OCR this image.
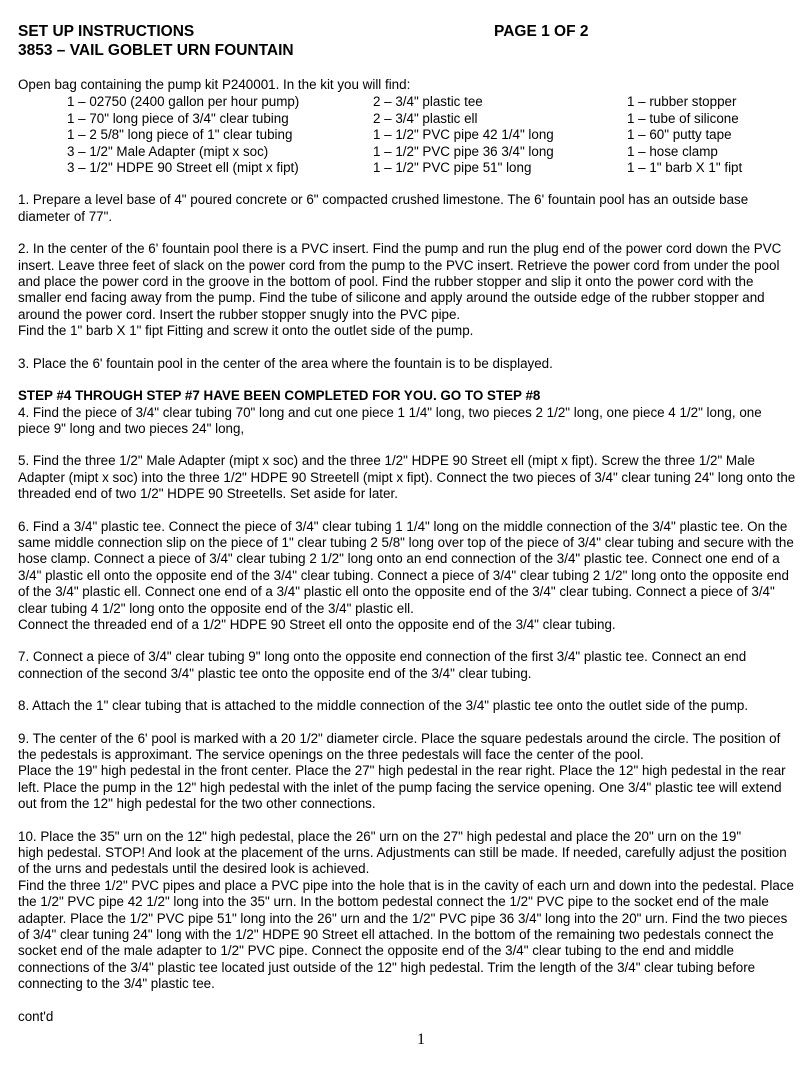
SET UP INSTRUCTIONS	PAGE 1 OF 2
3853 – VAIL GOBLET URN FOUNTAIN

Open bag containing the pump kit P240001. In the kit you will find:

1 – 02750 (2400 gallon per hour pump)	2 – 3/4" plastic tee	1 – rubber stopper
1 – 70" long piece of 3/4" clear tubing	2 – 3/4" plastic ell	1 – tube of silicone
1 – 2 5/8" long piece of 1" clear tubing	1 – 1/2" PVC pipe 42 1/4" long	1 – 60" putty tape
3 – 1/2" Male Adapter (mipt x soc)	1 – 1/2" PVC pipe 36 3/4" long	1 – hose clamp
3 – 1/2" HDPE 90 Street ell (mipt x fipt)	1 – 1/2" PVC pipe 51" long	1 – 1" barb X 1" fipt

1. Prepare a level base of 4" poured concrete or 6" compacted crushed limestone. The 6' fountain pool has an outside base diameter of 77".

2. In the center of the 6' fountain pool there is a PVC insert. Find the pump and run the plug end of the power cord down the PVC insert. Leave three feet of slack on the power cord from the pump to the PVC insert. Retrieve the power cord from under the pool and place the power cord in the groove in the bottom of pool. Find the rubber stopper and slip it onto the power cord with the smaller end facing away from the pump. Find the tube of silicone and apply around the outside edge of the rubber stopper and around the power cord. Insert the rubber stopper snugly into the PVC pipe.

Find the 1" barb X 1" fipt Fitting and screw it onto the outlet side of the pump.

3. Place the 6' fountain pool in the center of the area where the fountain is to be displayed.

STEP #4 THROUGH STEP #7 HAVE BEEN COMPLETED FOR YOU. GO TO STEP #8

4. Find the piece of 3/4" clear tubing 70" long and cut one piece 1 1/4" long, two pieces 2 1/2" long, one piece 4 1/2" long, one piece 9" long and two pieces 24" long,

5. Find the three 1/2" Male Adapter (mipt x soc) and the three 1/2" HDPE 90 Street ell (mipt x fipt). Screw the three 1/2" Male Adapter (mipt x soc) into the three 1/2" HDPE 90 Streetell (mipt x fipt). Connect the two pieces of 3/4" clear tuning 24" long onto the threaded end of two 1/2" HDPE 90 Streetells. Set aside for later.

6. Find a 3/4" plastic tee. Connect the piece of 3/4" clear tubing 1 1/4" long on the middle connection of the 3/4" plastic tee. On the same middle connection slip on the piece of 1" clear tubing 2 5/8" long over top of the piece of 3/4" clear tubing and secure with the hose clamp. Connect a piece of 3/4" clear tubing 2 1/2" long onto an end connection of the 3/4" plastic tee. Connect one end of a 3/4" plastic ell onto the opposite end of the 3/4" clear tubing. Connect a piece of 3/4" clear tubing 2 1/2" long onto the opposite end of the 3/4" plastic ell. Connect one end of a 3/4" plastic ell onto the opposite end of the 3/4" clear tubing. Connect a piece of 3/4" clear tubing 4 1/2" long onto the opposite end of the 3/4" plastic ell.

Connect the threaded end of a 1/2" HDPE 90 Street ell onto the opposite end of the 3/4" clear tubing.

7. Connect a piece of 3/4" clear tubing 9" long onto the opposite end connection of the first 3/4" plastic tee. Connect an end connection of the second 3/4" plastic tee onto the opposite end of the 3/4" clear tubing.

8. Attach the 1" clear tubing that is attached to the middle connection of the 3/4" plastic tee onto the outlet side of the pump.

9. The center of the 6' pool is marked with a 20 1/2" diameter circle. Place the square pedestals around the circle. The position of the pedestals is approximant. The service openings on the three pedestals will face the center of the pool.

Place the 19" high pedestal in the front center. Place the 27" high pedestal in the rear right. Place the 12" high pedestal in the rear left. Place the pump in the 12" high pedestal with the inlet of the pump facing the service opening. One 3/4" plastic tee will extend out from the 12" high pedestal for the two other connections.

10. Place the 35" urn on the 12" high pedestal, place the 26" urn on the 27" high pedestal and place the 20" urn on the 19"

high pedestal. STOP! And look at the placement of the urns. Adjustments can still be made. If needed, carefully adjust the position of the urns and pedestals until the desired look is achieved.

Find the three 1/2" PVC pipes and place a PVC pipe into the hole that is in the cavity of each urn and down into the pedestal. Place the 1/2" PVC pipe 42 1/2" long into the 35" urn. In the bottom pedestal connect the 1/2" PVC pipe to the socket end of the male adapter. Place the 1/2" PVC pipe 51" long into the 26" urn and the 1/2" PVC pipe 36 3/4" long into the 20" urn. Find the two pieces of 3/4" clear tuning 24" long with the 1/2" HDPE 90 Street ell attached. In the bottom of the remaining two pedestals connect the socket end of the male adapter to 1/2" PVC pipe. Connect the opposite end of the 3/4" clear tubing to the end and middle connections of the 3/4" plastic tee located just outside of the 12" high pedestal. Trim the length of the 3/4" clear tubing before connecting to the 3/4" plastic tee.

cont'd

1
